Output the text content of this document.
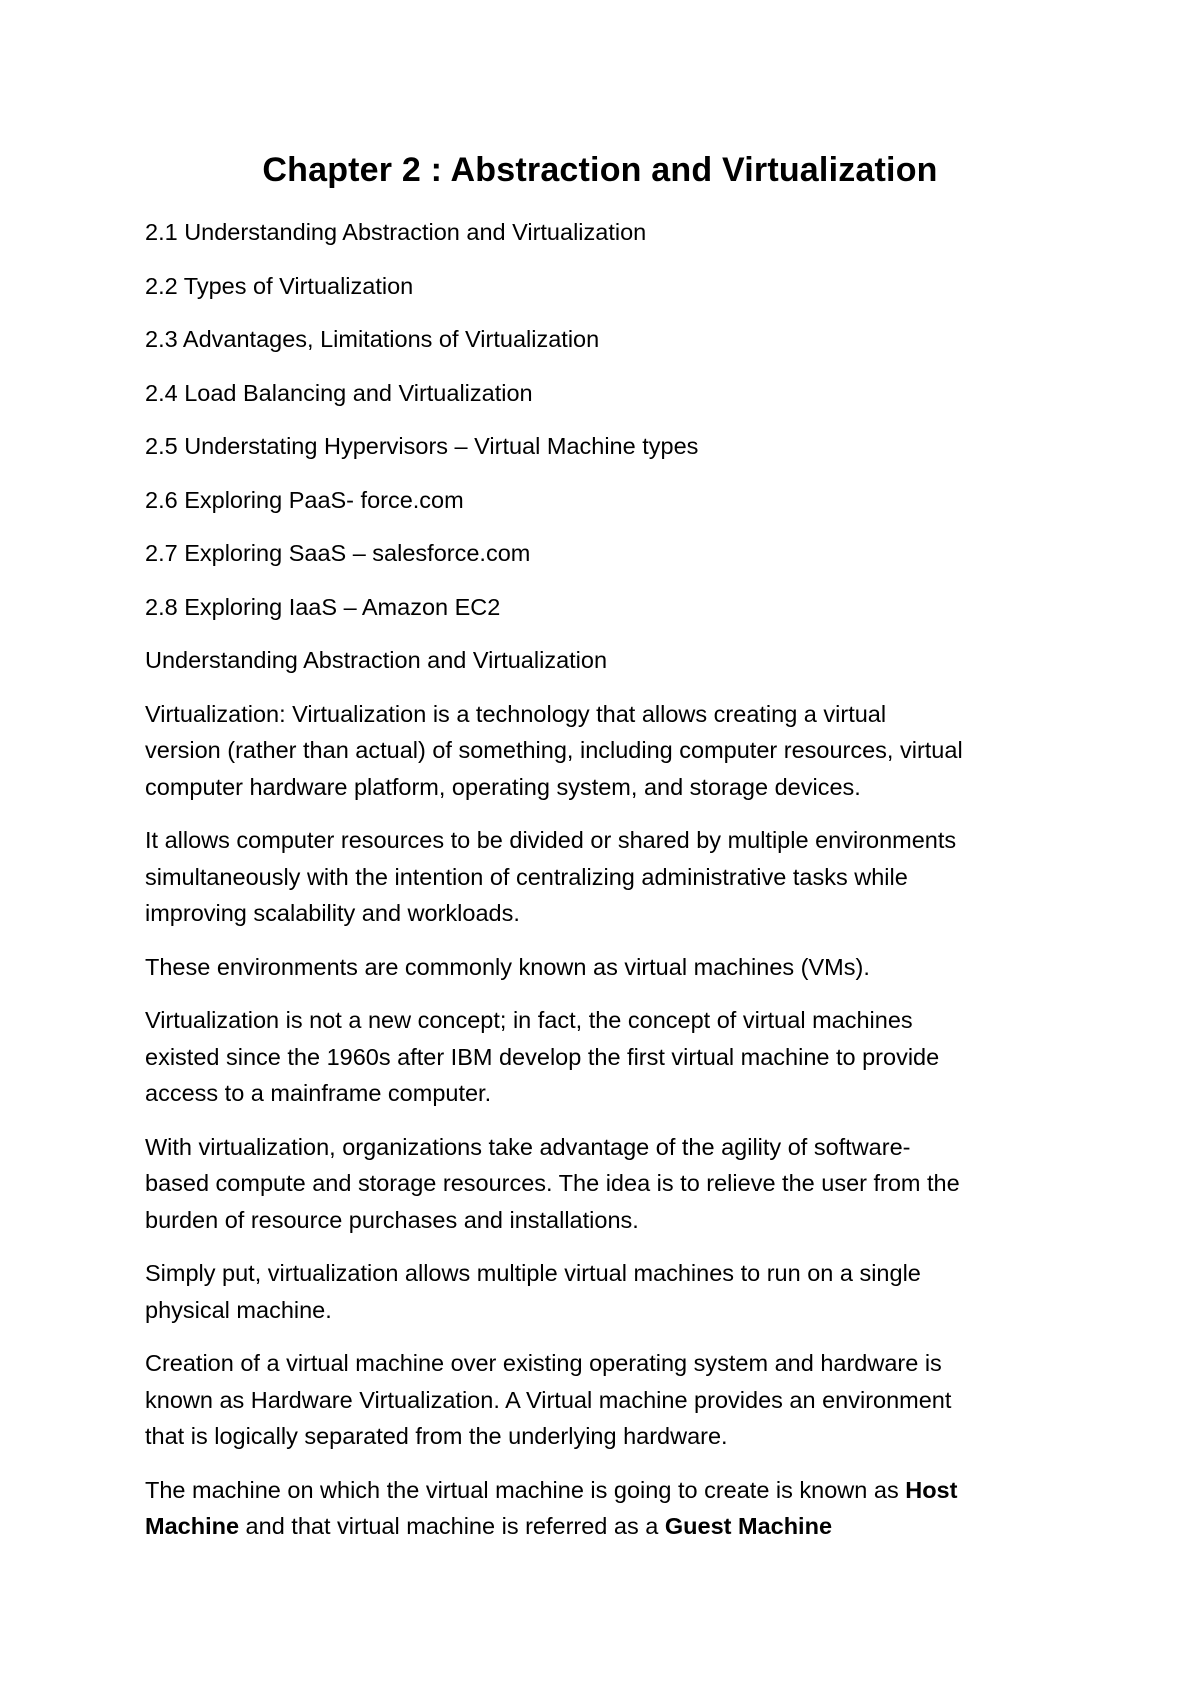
Chapter 2 : Abstraction and Virtualization
2.1 Understanding Abstraction and Virtualization
2.2 Types of Virtualization
2.3 Advantages, Limitations of Virtualization
2.4 Load Balancing and Virtualization
2.5 Understating Hypervisors – Virtual Machine types
2.6 Exploring PaaS- force.com
2.7 Exploring SaaS – salesforce.com
2.8 Exploring IaaS – Amazon EC2
Understanding Abstraction and Virtualization
Virtualization: Virtualization is a technology that allows creating a virtual
version (rather than actual) of something, including computer resources, virtual
computer hardware platform, operating system, and storage devices.
It allows computer resources to be divided or shared by multiple environments
simultaneously with the intention of centralizing administrative tasks while
improving scalability and workloads.
These environments are commonly known as virtual machines (VMs).
Virtualization is not a new concept; in fact, the concept of virtual machines
existed since the 1960s after IBM develop the first virtual machine to provide
access to a mainframe computer.
With virtualization, organizations take advantage of the agility of software-
based compute and storage resources. The idea is to relieve the user from the
burden of resource purchases and installations.
Simply put, virtualization allows multiple virtual machines to run on a single
physical machine.
Creation of a virtual machine over existing operating system and hardware is
known as Hardware Virtualization. A Virtual machine provides an environment
that is logically separated from the underlying hardware.
The machine on which the virtual machine is going to create is known as Host
Machine and that virtual machine is referred as a Guest Machine
